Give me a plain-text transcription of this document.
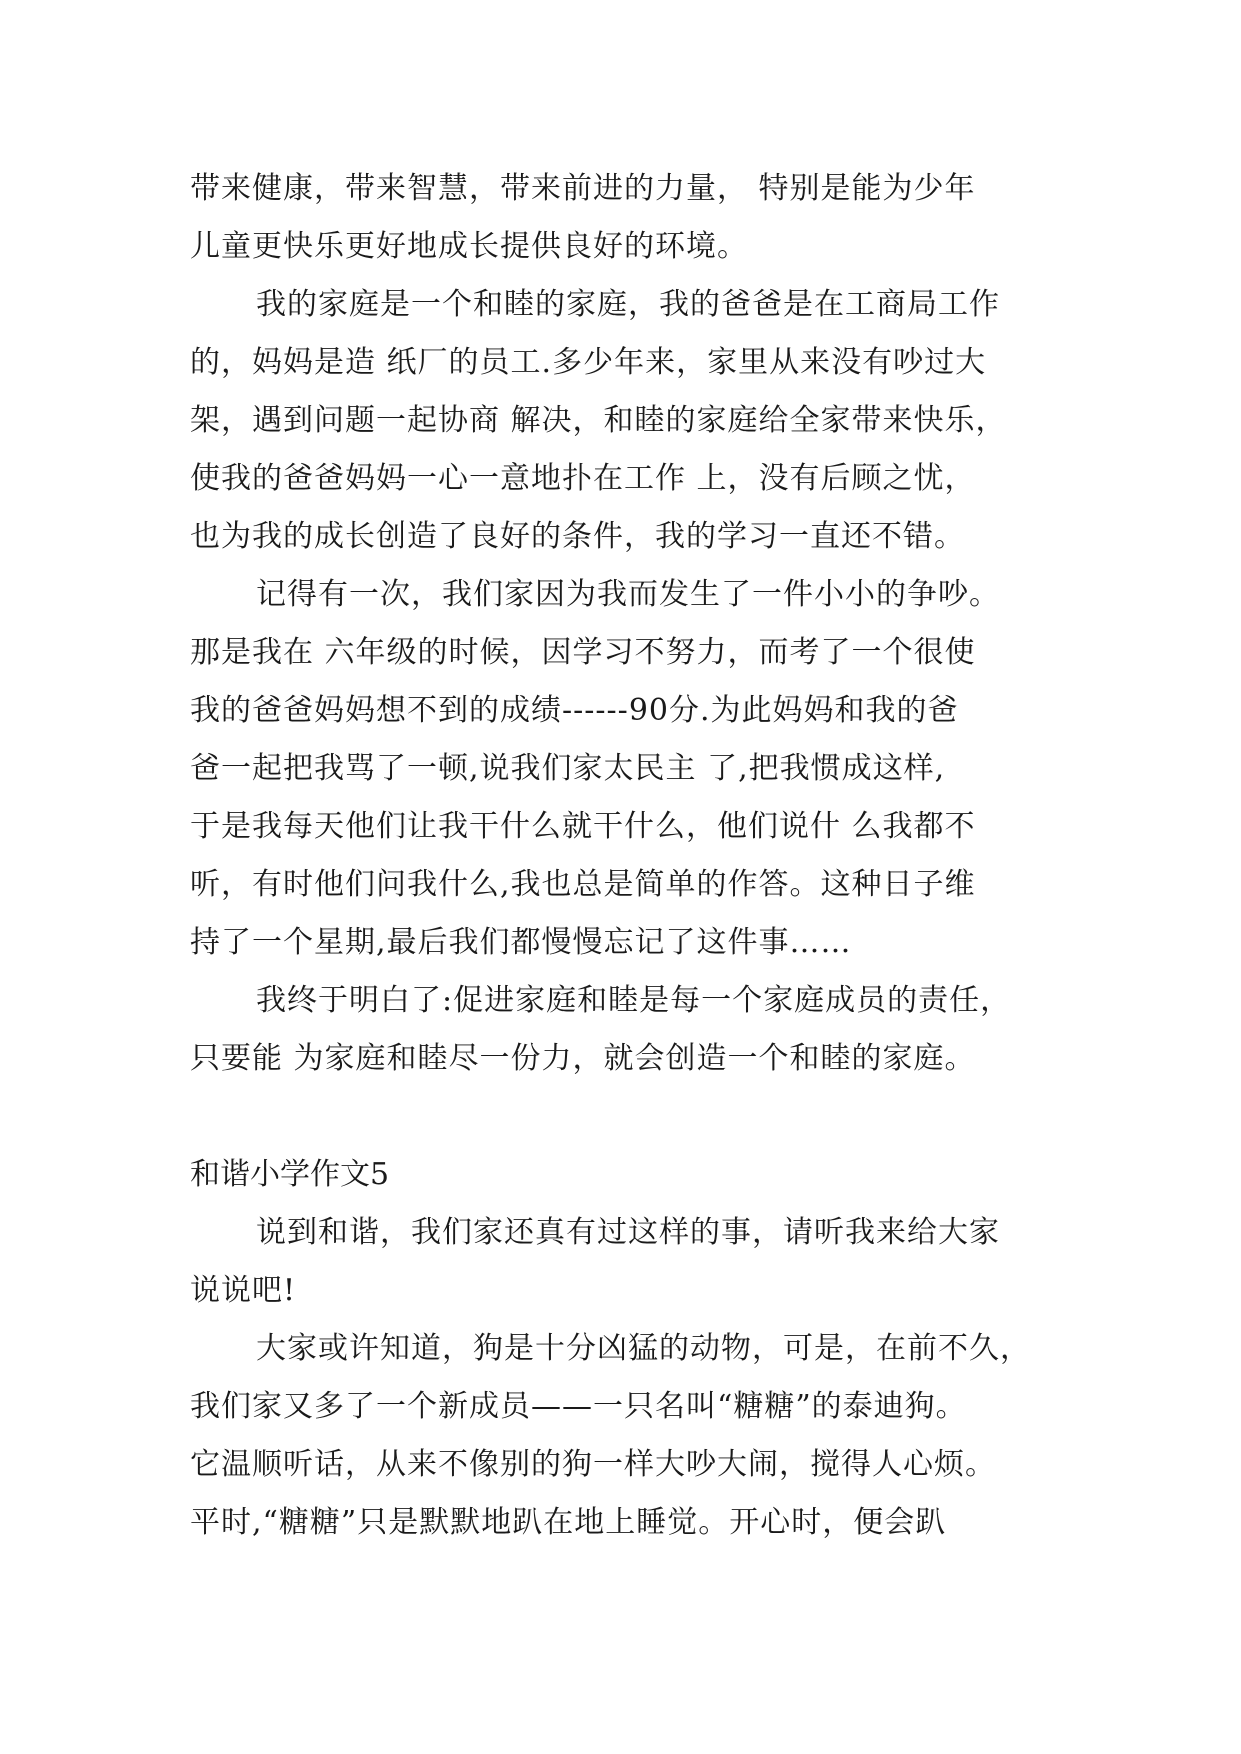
带来健康，带来智慧，带来前进的力量， 特别是能为少年
儿童更快乐更好地成长提供良好的环境。
我的家庭是一个和睦的家庭，我的爸爸是在工商局工作
的，妈妈是造 纸厂的员工.多少年来，家里从来没有吵过大
架，遇到问题一起协商 解决，和睦的家庭给全家带来快乐，
使我的爸爸妈妈一心一意地扑在工作 上，没有后顾之忧，
也为我的成长创造了良好的条件，我的学习一直还不错。
记得有一次，我们家因为我而发生了一件小小的争吵。
那是我在 六年级的时候，因学习不努力，而考了一个很使
我的爸爸妈妈想不到的成绩------90分.为此妈妈和我的爸
爸一起把我骂了一顿,说我们家太民主 了,把我惯成这样,
于是我每天他们让我干什么就干什么，他们说什 么我都不
听，有时他们问我什么,我也总是简单的作答。这种日子维
持了一个星期,最后我们都慢慢忘记了这件事……
我终于明白了:促进家庭和睦是每一个家庭成员的责任，
只要能 为家庭和睦尽一份力，就会创造一个和睦的家庭。
和谐小学作文5
说到和谐，我们家还真有过这样的事，请听我来给大家
说说吧!
大家或许知道，狗是十分凶猛的动物，可是，在前不久，
我们家又多了一个新成员——一只名叫“糖糖”的泰迪狗。
它温顺听话，从来不像别的狗一样大吵大闹，搅得人心烦。
平时,“糖糖”只是默默地趴在地上睡觉。开心时，便会趴
